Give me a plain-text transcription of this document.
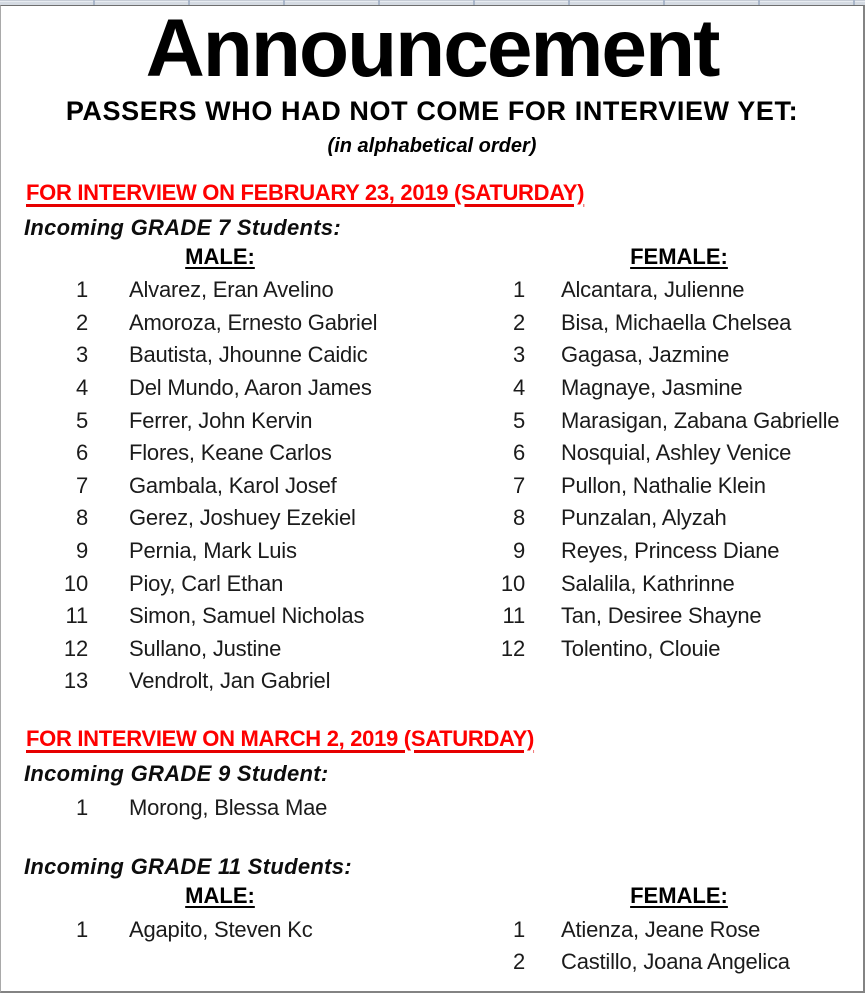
Announcement
PASSERS WHO HAD NOT COME FOR INTERVIEW YET:
(in alphabetical order)
FOR INTERVIEW ON FEBRUARY 23, 2019 (SATURDAY)
Incoming GRADE 7 Students:
MALE:
1 Alvarez, Eran Avelino
2 Amoroza, Ernesto Gabriel
3 Bautista, Jhounne Caidic
4 Del Mundo, Aaron James
5 Ferrer, John Kervin
6 Flores, Keane Carlos
7 Gambala, Karol Josef
8 Gerez, Joshuey Ezekiel
9 Pernia, Mark Luis
10 Pioy, Carl Ethan
11 Simon, Samuel Nicholas
12 Sullano, Justine
13 Vendrolt, Jan Gabriel
FEMALE:
1 Alcantara, Julienne
2 Bisa, Michaella Chelsea
3 Gagasa, Jazmine
4 Magnaye, Jasmine
5 Marasigan, Zabana Gabrielle
6 Nosquial, Ashley Venice
7 Pullon, Nathalie Klein
8 Punzalan, Alyzah
9 Reyes, Princess Diane
10 Salalila, Kathrinne
11 Tan, Desiree Shayne
12 Tolentino, Clouie
FOR INTERVIEW ON MARCH 2, 2019 (SATURDAY)
Incoming GRADE 9 Student:
1 Morong, Blessa Mae
Incoming GRADE 11 Students:
MALE:
1 Agapito, Steven Kc
FEMALE:
1 Atienza, Jeane Rose
2 Castillo, Joana Angelica
